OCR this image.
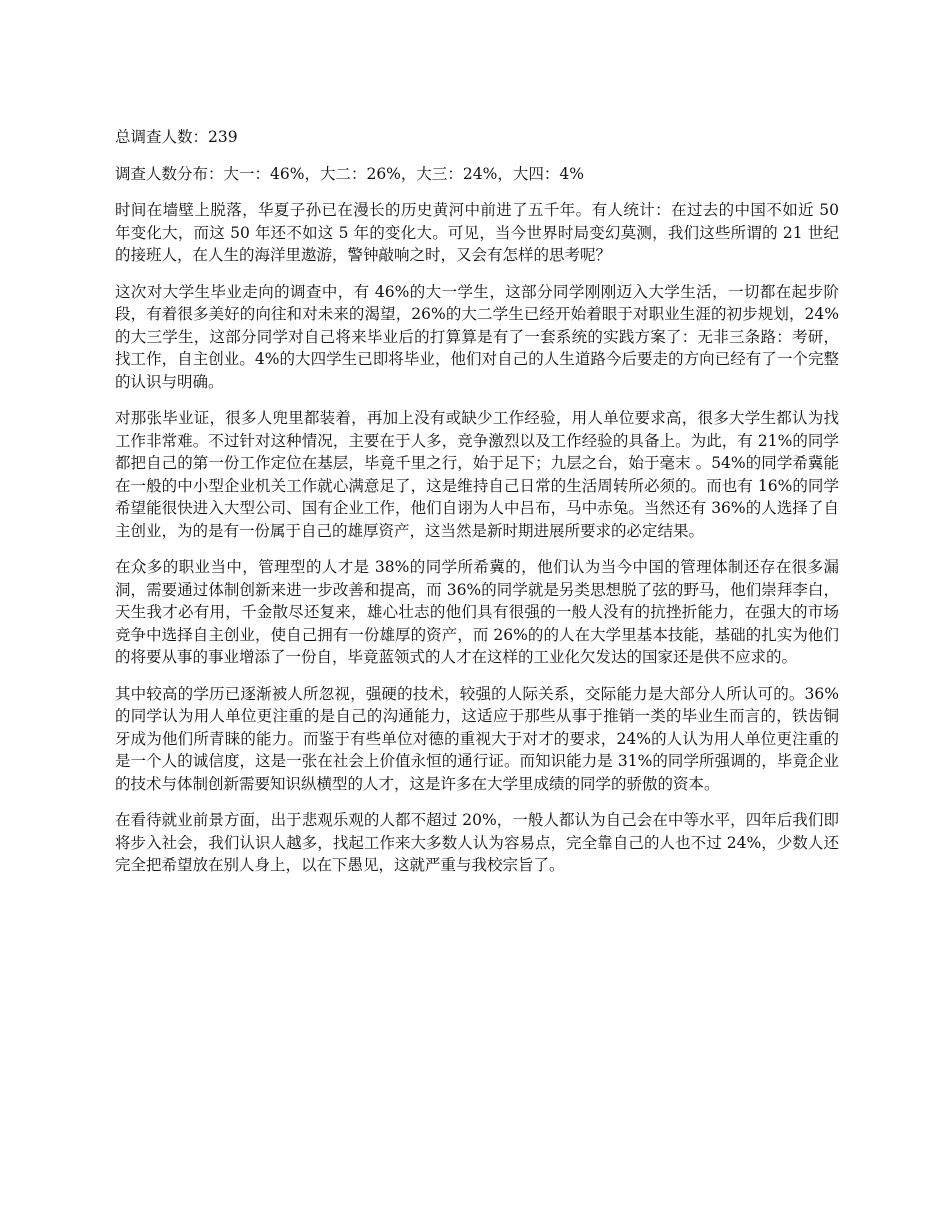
总调查人数：239

调查人数分布：大一：46%，大二：26%，大三：24%，大四：4%

时间在墙壁上脱落，华夏子孙已在漫长的历史黄河中前进了五千年。有人统计：在过去的中国不如近 50 年变化大，而这 50 年还不如这 5 年的变化大。可见，当今世界时局变幻莫测，我们这些所谓的 21 世纪的接班人，在人生的海洋里遨游，警钟敲响之时，又会有怎样的思考呢？

这次对大学生毕业走向的调查中，有 46%的大一学生，这部分同学刚刚迈入大学生活，一切都在起步阶段，有着很多美好的向往和对未来的渴望，26%的大二学生已经开始着眼于对职业生涯的初步规划，24%的大三学生，这部分同学对自己将来毕业后的打算算是有了一套系统的实践方案了：无非三条路：考研，找工作，自主创业。4%的大四学生已即将毕业，他们对自己的人生道路今后要走的方向已经有了一个完整的认识与明确。

对那张毕业证，很多人兜里都装着，再加上没有或缺少工作经验，用人单位要求高，很多大学生都认为找工作非常难。不过针对这种情况，主要在于人多，竞争激烈以及工作经验的具备上。为此，有 21%的同学都把自己的第一份工作定位在基层，毕竟千里之行，始于足下；九层之台，始于毫末 。54%的同学希冀能在一般的中小型企业机关工作就心满意足了，这是维持自己日常的生活周转所必须的。而也有 16%的同学希望能很快进入大型公司、国有企业工作，他们自诩为人中吕布，马中赤兔。当然还有 36%的人选择了自主创业，为的是有一份属于自己的雄厚资产，这当然是新时期进展所要求的必定结果。

在众多的职业当中，管理型的人才是 38%的同学所希冀的，他们认为当今中国的管理体制还存在很多漏洞，需要通过体制创新来进一步改善和提高，而 36%的同学就是另类思想脱了弦的野马，他们崇拜李白，天生我才必有用，千金散尽还复来，雄心壮志的他们具有很强的一般人没有的抗挫折能力，在强大的市场竞争中选择自主创业，使自己拥有一份雄厚的资产，而 26%的的人在大学里基本技能，基础的扎实为他们的将要从事的事业增添了一份自，毕竟蓝领式的人才在这样的工业化欠发达的国家还是供不应求的。

其中较高的学历已逐渐被人所忽视，强硬的技术，较强的人际关系，交际能力是大部分人所认可的。36%的同学认为用人单位更注重的是自己的沟通能力，这适应于那些从事于推销一类的毕业生而言的，铁齿铜牙成为他们所青睐的能力。而鉴于有些单位对德的重视大于对才的要求，24%的人认为用人单位更注重的是一个人的诚信度，这是一张在社会上价值永恒的通行证。而知识能力是 31%的同学所强调的，毕竟企业的技术与体制创新需要知识纵横型的人才，这是许多在大学里成绩的同学的骄傲的资本。

在看待就业前景方面，出于悲观乐观的人都不超过 20%，一般人都认为自己会在中等水平，四年后我们即将步入社会，我们认识人越多，找起工作来大多数人认为容易点，完全靠自己的人也不过 24%，少数人还完全把希望放在别人身上，以在下愚见，这就严重与我校宗旨了。
